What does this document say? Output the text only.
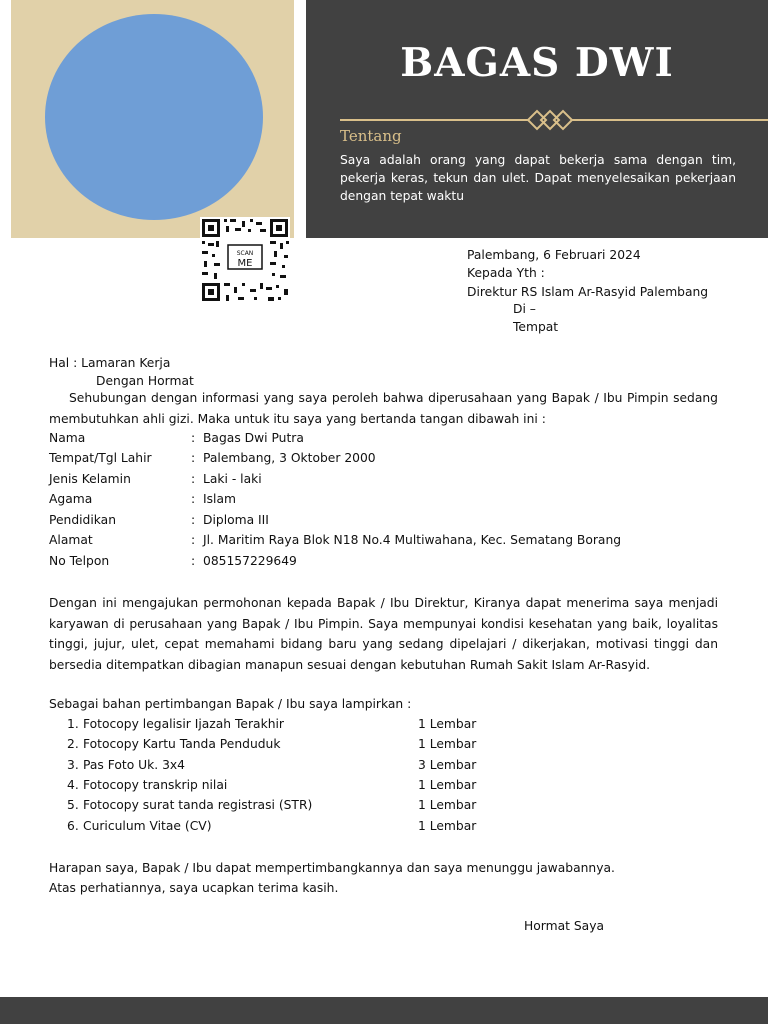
BAGAS DWI
Tentang

Saya adalah orang yang dapat bekerja sama dengan tim, pekerja keras, tekun dan ulet. Dapat menyelesaikan pekerjaan dengan tepat waktu

SCAN
ME
Palembang, 6 Februari 2024
Kepada Yth :
Direktur RS Islam Ar-Rasyid Palembang
Di –
Tempat
Hal : Lamaran Kerja
Dengan Hormat

Sehubungan dengan informasi yang saya peroleh bahwa diperusahaan yang Bapak / Ibu Pimpin sedang membutuhkan ahli gizi. Maka untuk itu saya yang bertanda tangan dibawah ini :

Nama	: Bagas Dwi Putra
Tempat/Tgl Lahir	: Palembang, 3 Oktober 2000
Jenis Kelamin	: Laki - laki
Agama	: Islam
Pendidikan	: Diploma III
Alamat	: Jl. Maritim Raya Blok N18 No.4 Multiwahana, Kec. Sematang Borang
No Telpon	: 085157229649

Dengan ini mengajukan permohonan kepada Bapak / Ibu Direktur, Kiranya dapat menerima saya menjadi karyawan di perusahaan yang Bapak / Ibu Pimpin. Saya mempunyai kondisi kesehatan yang baik, loyalitas tinggi, jujur, ulet, cepat memahami bidang baru yang sedang dipelajari / dikerjakan, motivasi tinggi dan bersedia ditempatkan dibagian manapun sesuai dengan kebutuhan Rumah Sakit Islam Ar-Rasyid.

Sebagai bahan pertimbangan Bapak / Ibu saya lampirkan :
1. Fotocopy legalisir Ijazah Terakhir	1 Lembar
2. Fotocopy Kartu Tanda Penduduk	1 Lembar
3. Pas Foto Uk. 3x4	3 Lembar
4. Fotocopy transkrip nilai	1 Lembar
5. Fotocopy surat tanda registrasi (STR)	1 Lembar
6. Curiculum Vitae (CV)	1 Lembar
Harapan saya, Bapak / Ibu dapat mempertimbangkannya dan saya menunggu jawabannya.
Atas perhatiannya, saya ucapkan terima kasih.
Hormat Saya
